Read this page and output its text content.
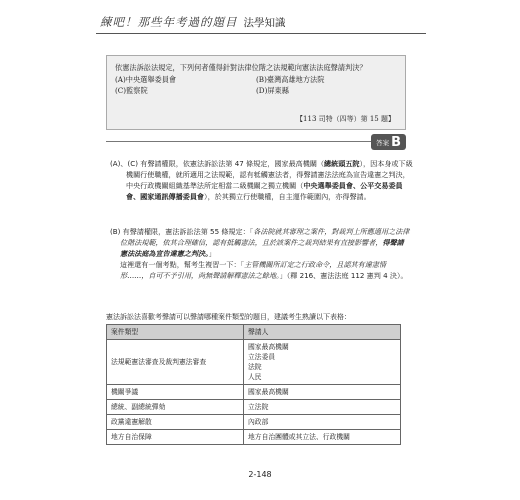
練吧！那些年考過的題目 法學知識

依憲法訴訟法規定，下列何者僅得針對法律位階之法規範向憲法法庭聲請判決？

(A)中央選舉委員會	(B)臺灣高雄地方法院
(C)監察院	(D)屏東縣
【113 司特（四等）第 15 題】
答案 B

(A)、(C) 有聲請權限，依憲法訴訟法第 47 條規定，國家最高機關（總統頭五院），因本身或下級機關行使職權，就所適用之法規範，認有牴觸憲法者，得聲請憲法法庭為宣告違憲之判決，中央行政機關組織基準法所定相當二級機關之獨立機關（中央選舉委員會、公平交易委員會、國家通訊傳播委員會），於其獨立行使職權，自主運作範圍內，亦得聲請。

(B) 有聲請權限，憲法訴訟法第 55 條規定：「各法院就其審理之案件，對裁判上所應適用之法律位階法規範，依其合理確信，認有抵觸憲法，且於該案件之裁判結果有直接影響者，得聲請憲法法庭為宣告違憲之判決。」
這裡還有一個考點，幫考生複習一下：「主管機關所訂定之行政命令，且認其有違憲情形……，自可不予引用，尚無聲請解釋憲法之餘地。」（釋 216、憲法法庭 112 憲判 4 決）。

憲法訴訟法喜歡考聲請可以聲請哪種案件類型的題目，建議考生熟讀以下表格：

案件類型	聲請人
法規範憲法審查及裁判憲法審查	國家最高機關
立法委員
法院
人民

機關爭議	國家最高機關

總統、副總統彈劾	立法院

政黨違憲解散	內政部

地方自治保障	地方自治團體或其立法、行政機關
2-148
